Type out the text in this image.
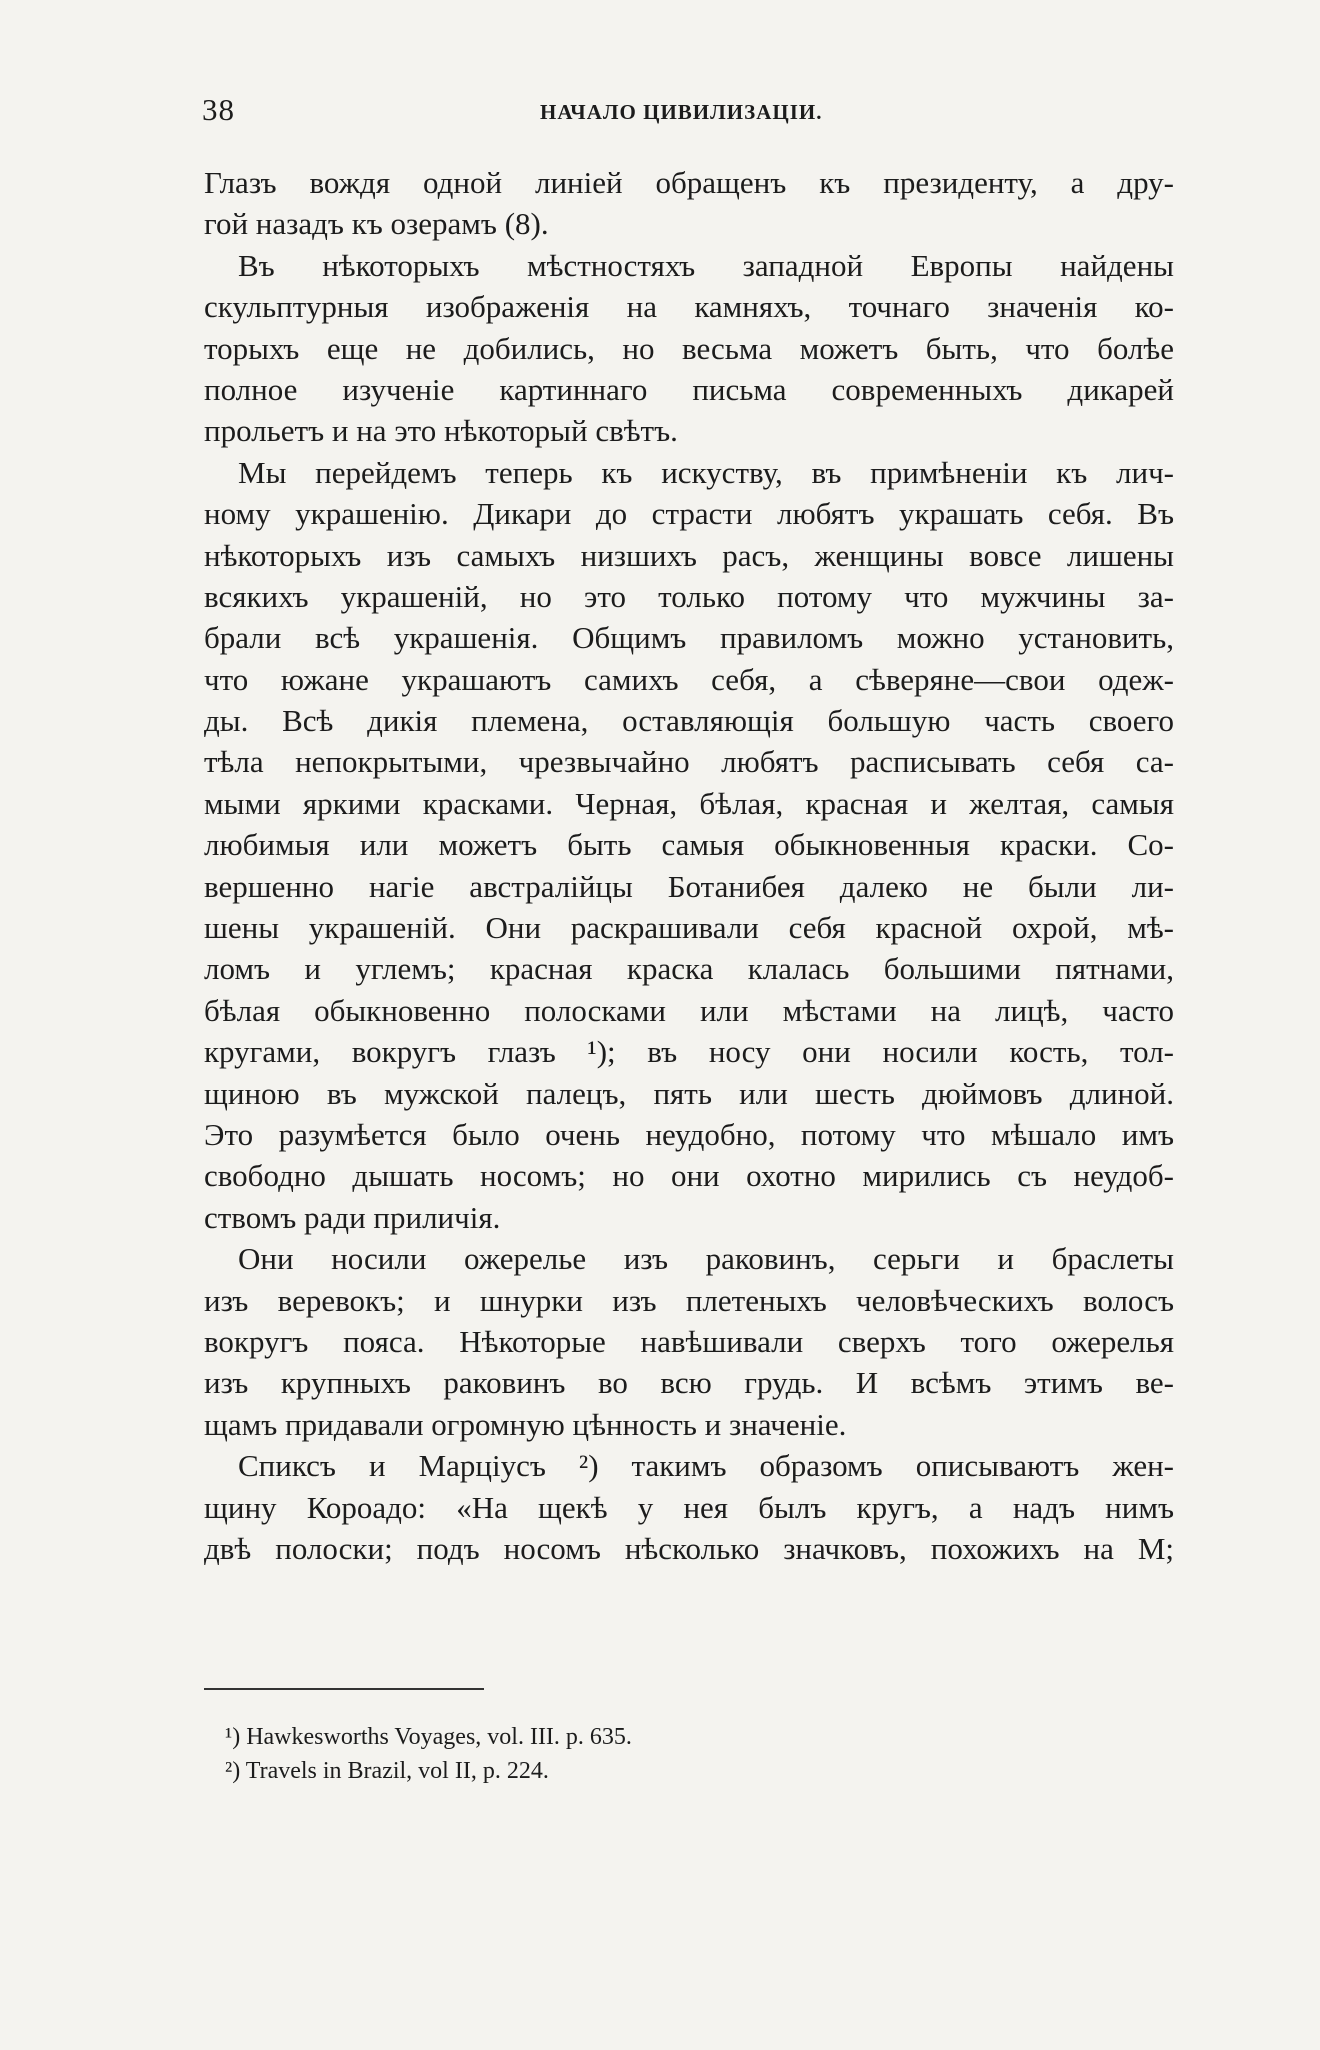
38	НАЧАЛО ЦИВИЛИЗАЦІИ.
Глазъ вождя одной линіей обращенъ къ президенту, а дру-
гой назадъ къ озерамъ (8).
Въ нѣкоторыхъ мѣстностяхъ западной Европы найдены
скульптурныя изображенія на камняхъ, точнаго значенія ко-
торыхъ еще не добились, но весьма можетъ быть, что болѣе
полное изученіе картиннаго письма современныхъ дикарей
прольетъ и на это нѣкоторый свѣтъ.
Мы перейдемъ теперь къ искуству, въ примѣненіи къ лич-
ному украшенію. Дикари до страсти любятъ украшать себя. Въ
нѣкоторыхъ изъ самыхъ низшихъ расъ, женщины вовсе лишены
всякихъ украшеній, но это только потому что мужчины за-
брали всѣ украшенія. Общимъ правиломъ можно установить,
что южане украшаютъ самихъ себя, а сѣверяне—свои одеж-
ды. Всѣ дикія племена, оставляющія большую часть своего
тѣла непокрытыми, чрезвычайно любятъ расписывать себя са-
мыми яркими красками. Черная, бѣлая, красная и желтая, самыя
любимыя или можетъ быть самыя обыкновенныя краски. Со-
вершенно нагіе австралійцы Ботанибея далеко не были ли-
шены украшеній. Они раскрашивали себя красной охрой, мѣ-
ломъ и углемъ; красная краска клалась большими пятнами,
бѣлая обыкновенно полосками или мѣстами на лицѣ, часто
кругами, вокругъ глазъ ¹); въ носу они носили кость, тол-
щиною въ мужской палецъ, пять или шесть дюймовъ длиной.
Это разумѣется было очень неудобно, потому что мѣшало имъ
свободно дышать носомъ; но они охотно мирились съ неудоб-
ствомъ ради приличія.
Они носили ожерелье изъ раковинъ, серьги и браслеты
изъ веревокъ; и шнурки изъ плетеныхъ человѣческихъ волосъ
вокругъ пояса. Нѣкоторые навѣшивали сверхъ того ожерелья
изъ крупныхъ раковинъ во всю грудь. И всѣмъ этимъ ве-
щамъ придавали огромную цѣнность и значеніе.
Спиксъ и Марціусъ ²) такимъ образомъ описываютъ жен-
щину Короадо: «На щекѣ у нея былъ кругъ, а надъ нимъ
двѣ полоски; подъ носомъ нѣсколько значковъ, похожихъ на М;
¹) Hawkesworths Voyages, vol. III. p. 635.
²) Travels in Brazil, vol II, p. 224.
